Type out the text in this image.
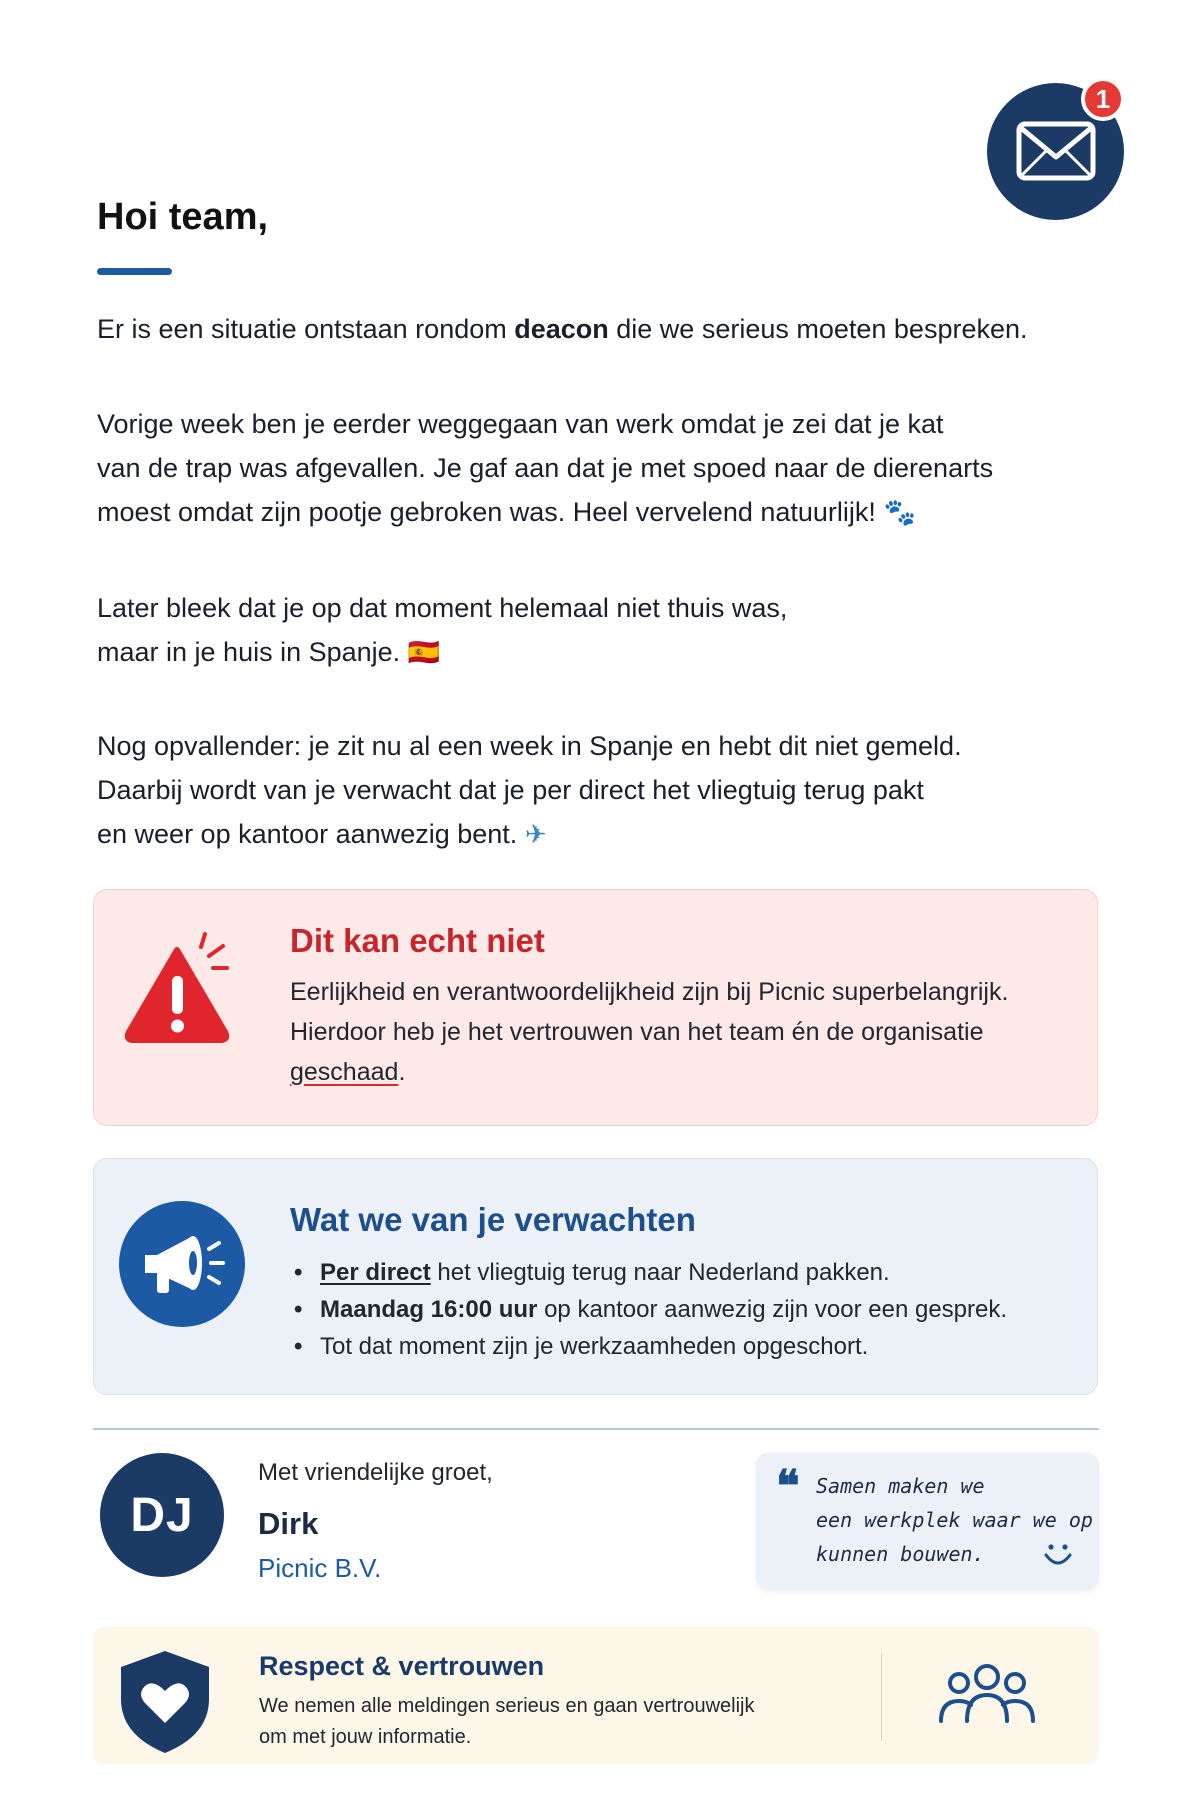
1
Hoi team,

Er is een situatie ontstaan rondom deacon die we serieus moeten bespreken.

Vorige week ben je eerder weggegaan van werk omdat je zei dat je kat
van de trap was afgevallen. Je gaf aan dat je met spoed naar de dierenarts
moest omdat zijn pootje gebroken was. Heel vervelend natuurlijk! 🐾

Later bleek dat je op dat moment helemaal niet thuis was,
maar in je huis in Spanje. 🇪🇸

Nog opvallender: je zit nu al een week in Spanje en hebt dit niet gemeld.
Daarbij wordt van je verwacht dat je per direct het vliegtuig terug pakt
en weer op kantoor aanwezig bent. ✈

Dit kan echt niet
Eerlijkheid en verantwoordelijkheid zijn bij Picnic superbelangrijk.
Hierdoor heb je het vertrouwen van het team én de organisatie
geschaad.
Wat we van je verwachten
• Per direct het vliegtuig terug naar Nederland pakken.
• Maandag 16:00 uur op kantoor aanwezig zijn voor een gesprek.
• Tot dat moment zijn je werkzaamheden opgeschort.
DJ
Met vriendelijke groet,
Dirk
Picnic B.V.
❝ Samen maken we
een werkplek waar we op
kunnen bouwen.
Respect & vertrouwen
We nemen alle meldingen serieus en gaan vertrouwelijk
om met jouw informatie.
